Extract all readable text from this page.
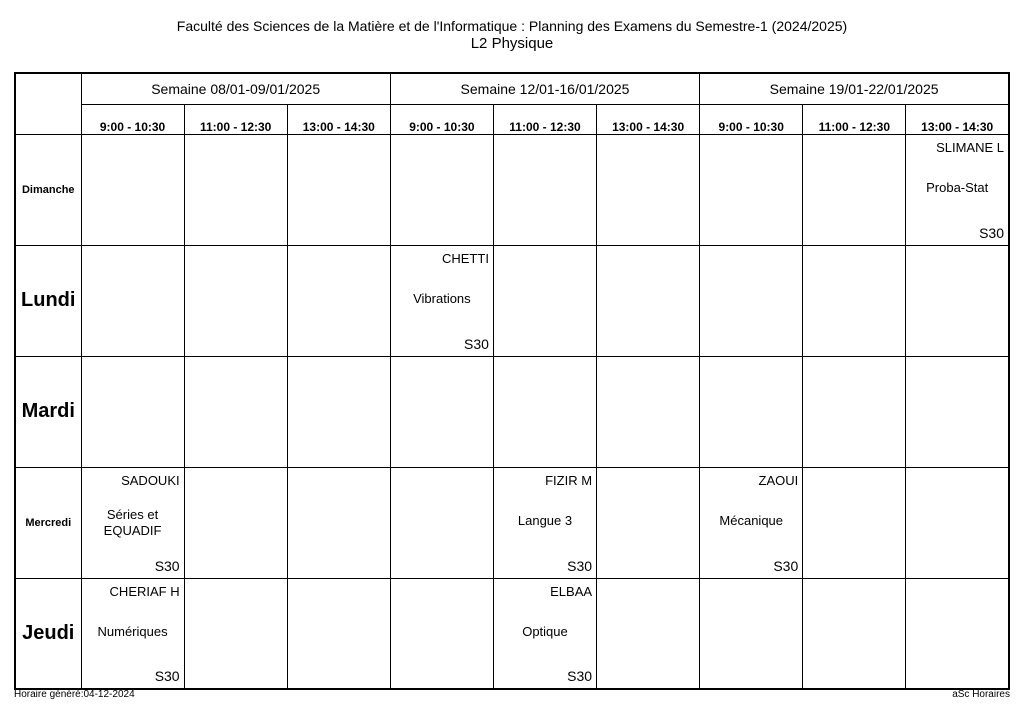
Faculté des Sciences de la Matière et de l'Informatique : Planning des Examens du Semestre-1 (2024/2025)
L2 Physique
	Semaine 08/01-09/01/2025			Semaine 12/01-16/01/2025			Semaine 19/01-22/01/2025		
	9:00 - 10:30	11:00 - 12:30	13:00 - 14:30	9:00 - 10:30	11:00 - 12:30	13:00 - 14:30	9:00 - 10:30	11:00 - 12:30	13:00 - 14:30
Dimanche									SLIMANE L
Proba-Stat
S30

Lundi				CHETTI
Vibrations
S30					

Mardi									
Mercredi	SADOUKI
Séries et EQUADIF
S30				FIZIR M
Langue 3
S30		ZAOUI
Mécanique
S30		

Jeudi	CHERIAF H
Numériques
S30				ELBAA
Optique
S30				

Horaire généré:04-12-2024	aSc Horaires
